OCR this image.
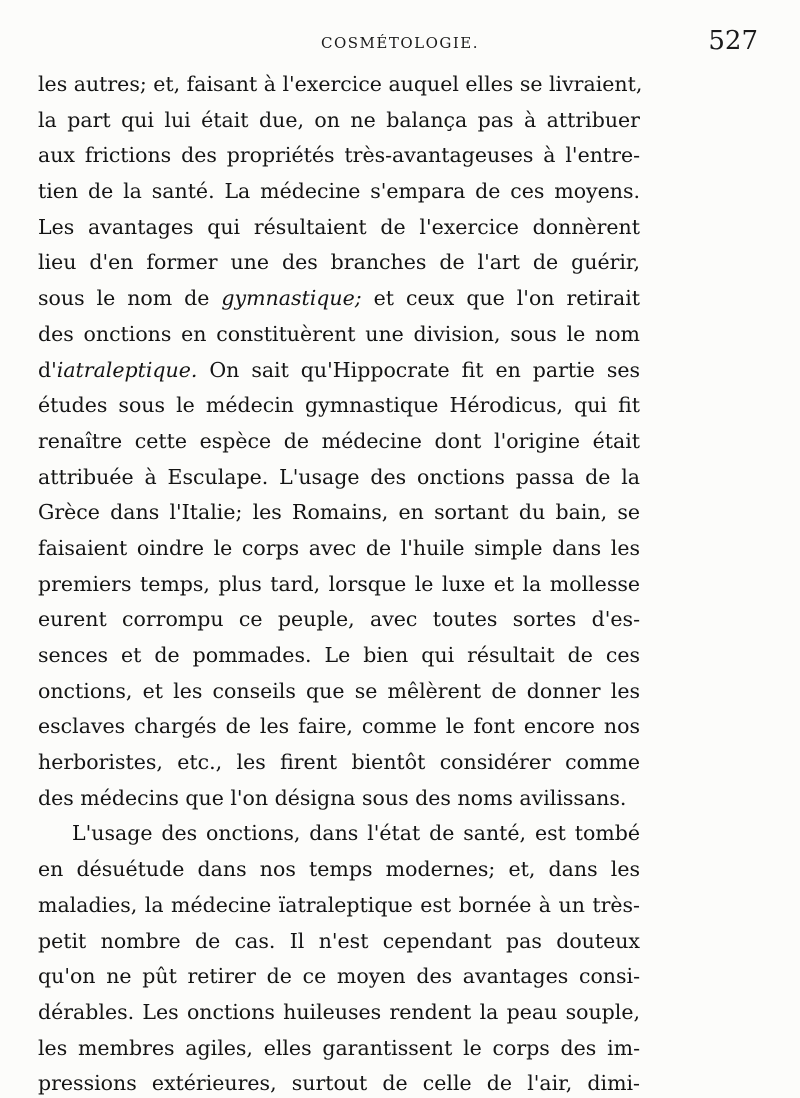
COSMÉTOLOGIE.	527
les autres; et, faisant à l'exercice auquel elles se livraient,
la part qui lui était due, on ne balança pas à attribuer
aux frictions des propriétés très-avantageuses à l'entre-
tien de la santé. La médecine s'empara de ces moyens.
Les avantages qui résultaient de l'exercice donnèrent
lieu d'en former une des branches de l'art de guérir,
sous le nom de gymnastique; et ceux que l'on retirait
des onctions en constituèrent une division, sous le nom
d'iatraleptique. On sait qu'Hippocrate fit en partie ses
études sous le médecin gymnastique Hérodicus, qui fit
renaître cette espèce de médecine dont l'origine était
attribuée à Esculape. L'usage des onctions passa de la
Grèce dans l'Italie; les Romains, en sortant du bain, se
faisaient oindre le corps avec de l'huile simple dans les
premiers temps, plus tard, lorsque le luxe et la mollesse
eurent corrompu ce peuple, avec toutes sortes d'es-
sences et de pommades. Le bien qui résultait de ces
onctions, et les conseils que se mêlèrent de donner les
esclaves chargés de les faire, comme le font encore nos
herboristes, etc., les firent bientôt considérer comme
des médecins que l'on désigna sous des noms avilissans.
L'usage des onctions, dans l'état de santé, est tombé
en désuétude dans nos temps modernes; et, dans les
maladies, la médecine ïatraleptique est bornée à un très-
petit nombre de cas. Il n'est cependant pas douteux
qu'on ne pût retirer de ce moyen des avantages consi-
dérables. Les onctions huileuses rendent la peau souple,
les membres agiles, elles garantissent le corps des im-
pressions extérieures, surtout de celle de l'air, dimi-
